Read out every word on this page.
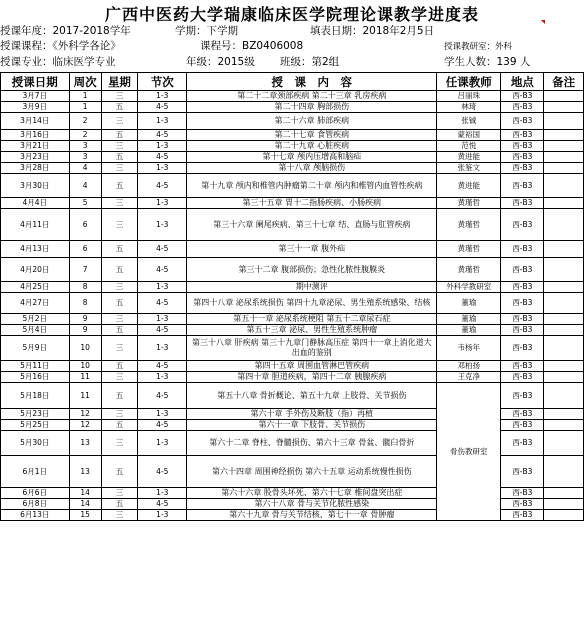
广西中医药大学瑞康临床医学院理论课教学进度表
授课年度：2017-2018学年	学期：下学期	填表日期：2018年2月5日
授课课程：《外科学各论》	课程号：BZ0406008	授课教研室：外科
授课专业：临床医学专业	年级：2015级 班级：第2组	学生人数：139 人
授课日期	周次	星期	节次	授　课　内　容	任课教师	地点	备注
3月7日	1	三	1-3	第二十二章颈部疾病 第二十三章 乳房疾病	吕丽珠	西-B3	
3月9日	1	五	4-5	第二十四章 胸部损伤	林琦	西-B3	
3月14日	2	三	1-3	第二十六章 肺部疾病	张铖	西-B3	
3月16日	2	五	4-5	第二十七章 食管疾病	蒙裕国	西-B3	
3月21日	3	三	1-3	第二十九章 心脏疾病	范悦	西-B3	
3月23日	3	五	4-5	第十七章 颅内压增高和脑疝	黄进能	西-B3	
3月28日	4	三	1-3	第十八章 颅脑损伤	张鉴文	西-B3	
3月30日	4	五	4-5	第十九章 颅内和椎管内肿瘤第二十章 颅内和椎管内血管性疾病	黄进能	西-B3	
4月4日	5	三	1-3	第三十五章 胃十二指肠疾病、小肠疾病	黄瑾哲	西-B3	
4月11日	6	三	1-3	第三十六章 阑尾疾病、第三十七章 结、直肠与肛管疾病	黄瑾哲	西-B3	
4月13日	6	五	4-5	第三十一章 腹外疝	黄瑾哲	西-B3	
4月20日	7	五	4-5	第三十二章 腹部损伤；急性化脓性腹膜炎	黄瑾哲	西-B3	
4月25日	8	三	1-3	期中测评	外科学教研室	西-B3	
4月27日	8	五	4-5	第四十八章 泌尿系统损伤 第四十九章泌尿、男生殖系统感染、结核	董瑜	西-B3	
5月2日	9	三	1-3	第五十一章 泌尿系统梗阻 第五十二章尿石症	董瑜	西-B3	
5月4日	9	五	4-5	第五十三章 泌尿、男性生殖系统肿瘤	董瑜	西-B3	
5月9日	10	三	1-3	第三十八章 肝疾病 第三十九章门静脉高压症 第四十一章上消化道大出血的鉴别	韦杨年	西-B3	
5月11日	10	五	4-5	第四十五章 周围血管淋巴管疾病	邓柏扬	西-B3	
5月16日	11	三	1-3	第四十章 胆道疾病，第四十二章 胰腺疾病	王克净	西-B3	
5月18日	11	五	4-5	第五十八章 骨折概论、第五十九章 上肢骨、关节损伤	骨伤教研室	西-B3	
5月23日	12	三	1-3	第六十章 手外伤及断肢（指）再植		西-B3	
5月25日	12	五	4-5	第六十一章 下肢骨、关节损伤		西-B3	
5月30日	13	三	1-3	第六十二章 脊柱、脊髓损伤、第六十三章 骨盆、髋臼骨折		西-B3	
6月1日	13	五	4-5	第六十四章 周围神经损伤 第六十五章 运动系统慢性损伤		西-B3	
6月6日	14	三	1-3	第六十六章 股骨头坏死、第六十七章 椎间盘突出症		西-B3	
6月8日	14	五	4-5	第六十八章 骨与关节化脓性感染		西-B3	
6月13日	15	三	1-3	第六十九章 骨与关节结核、第七十一章 骨肿瘤		西-B3	
